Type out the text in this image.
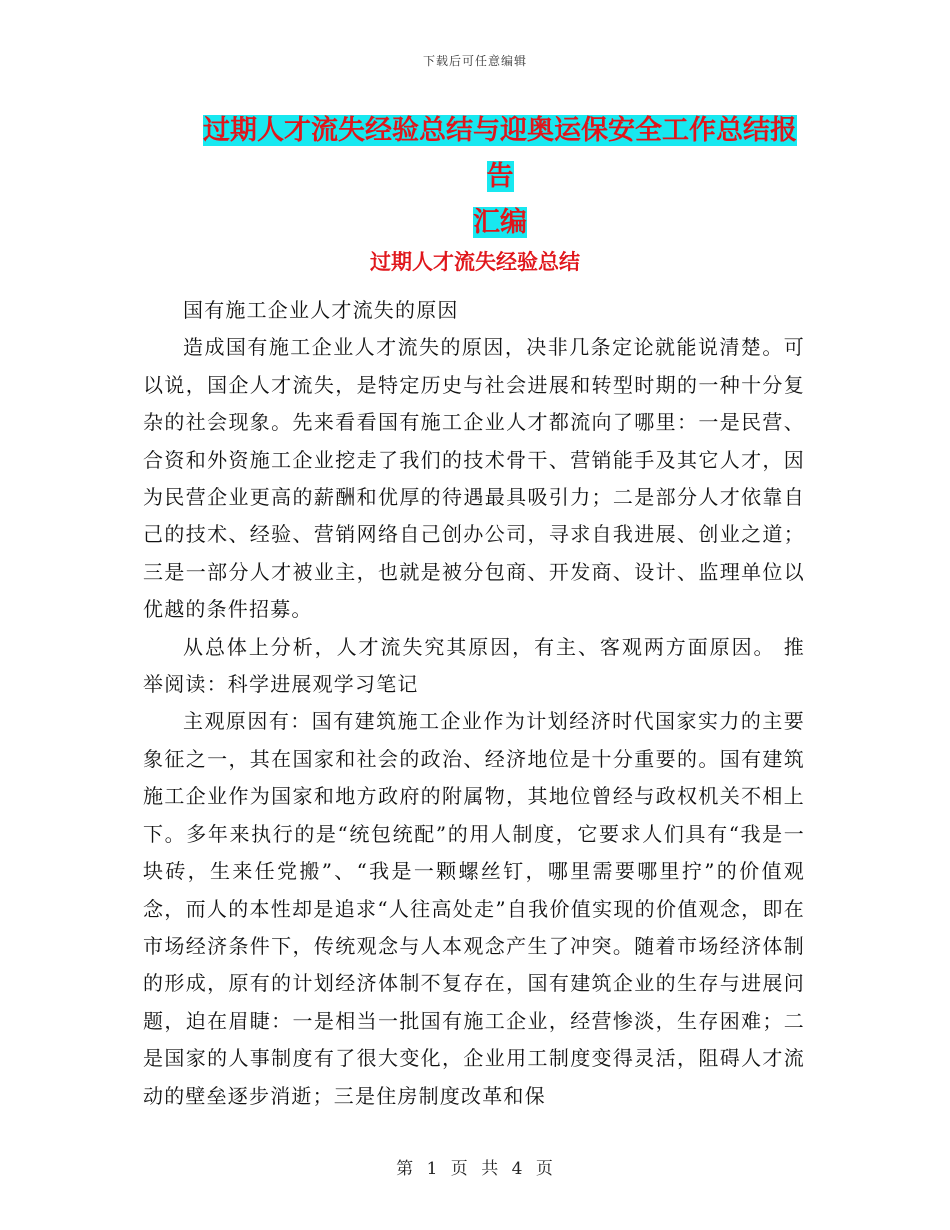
下载后可任意编辑
过期人才流失经验总结与迎奥运保安全工作总结报告
汇编
过期人才流失经验总结

国有施工企业人才流失的原因

造成国有施工企业人才流失的原因，决非几条定论就能说清楚。可以说，国企人才流失，是特定历史与社会进展和转型时期的一种十分复杂的社会现象。先来看看国有施工企业人才都流向了哪里：一是民营、合资和外资施工企业挖走了我们的技术骨干、营销能手及其它人才，因为民营企业更高的薪酬和优厚的待遇最具吸引力；二是部分人才依靠自己的技术、经验、营销网络自己创办公司，寻求自我进展、创业之道；三是一部分人才被业主，也就是被分包商、开发商、设计、监理单位以优越的条件招募。

从总体上分析，人才流失究其原因，有主、客观两方面原因。 推举阅读：科学进展观学习笔记

主观原因有：国有建筑施工企业作为计划经济时代国家实力的主要象征之一，其在国家和社会的政治、经济地位是十分重要的。国有建筑施工企业作为国家和地方政府的附属物，其地位曾经与政权机关不相上下。多年来执行的是“统包统配”的用人制度，它要求人们具有“我是一块砖，生来任党搬”、“我是一颗螺丝钉，哪里需要哪里拧”的价值观念，而人的本性却是追求“人往高处走”自我价值实现的价值观念，即在市场经济条件下，传统观念与人本观念产生了冲突。随着市场经济体制的形成，原有的计划经济体制不复存在，国有建筑企业的生存与进展问题，迫在眉睫：一是相当一批国有施工企业，经营惨淡，生存困难；二是国家的人事制度有了很大变化，企业用工制度变得灵活，阻碍人才流动的壁垒逐步消逝；三是住房制度改革和保

第 1 页 共 4 页
